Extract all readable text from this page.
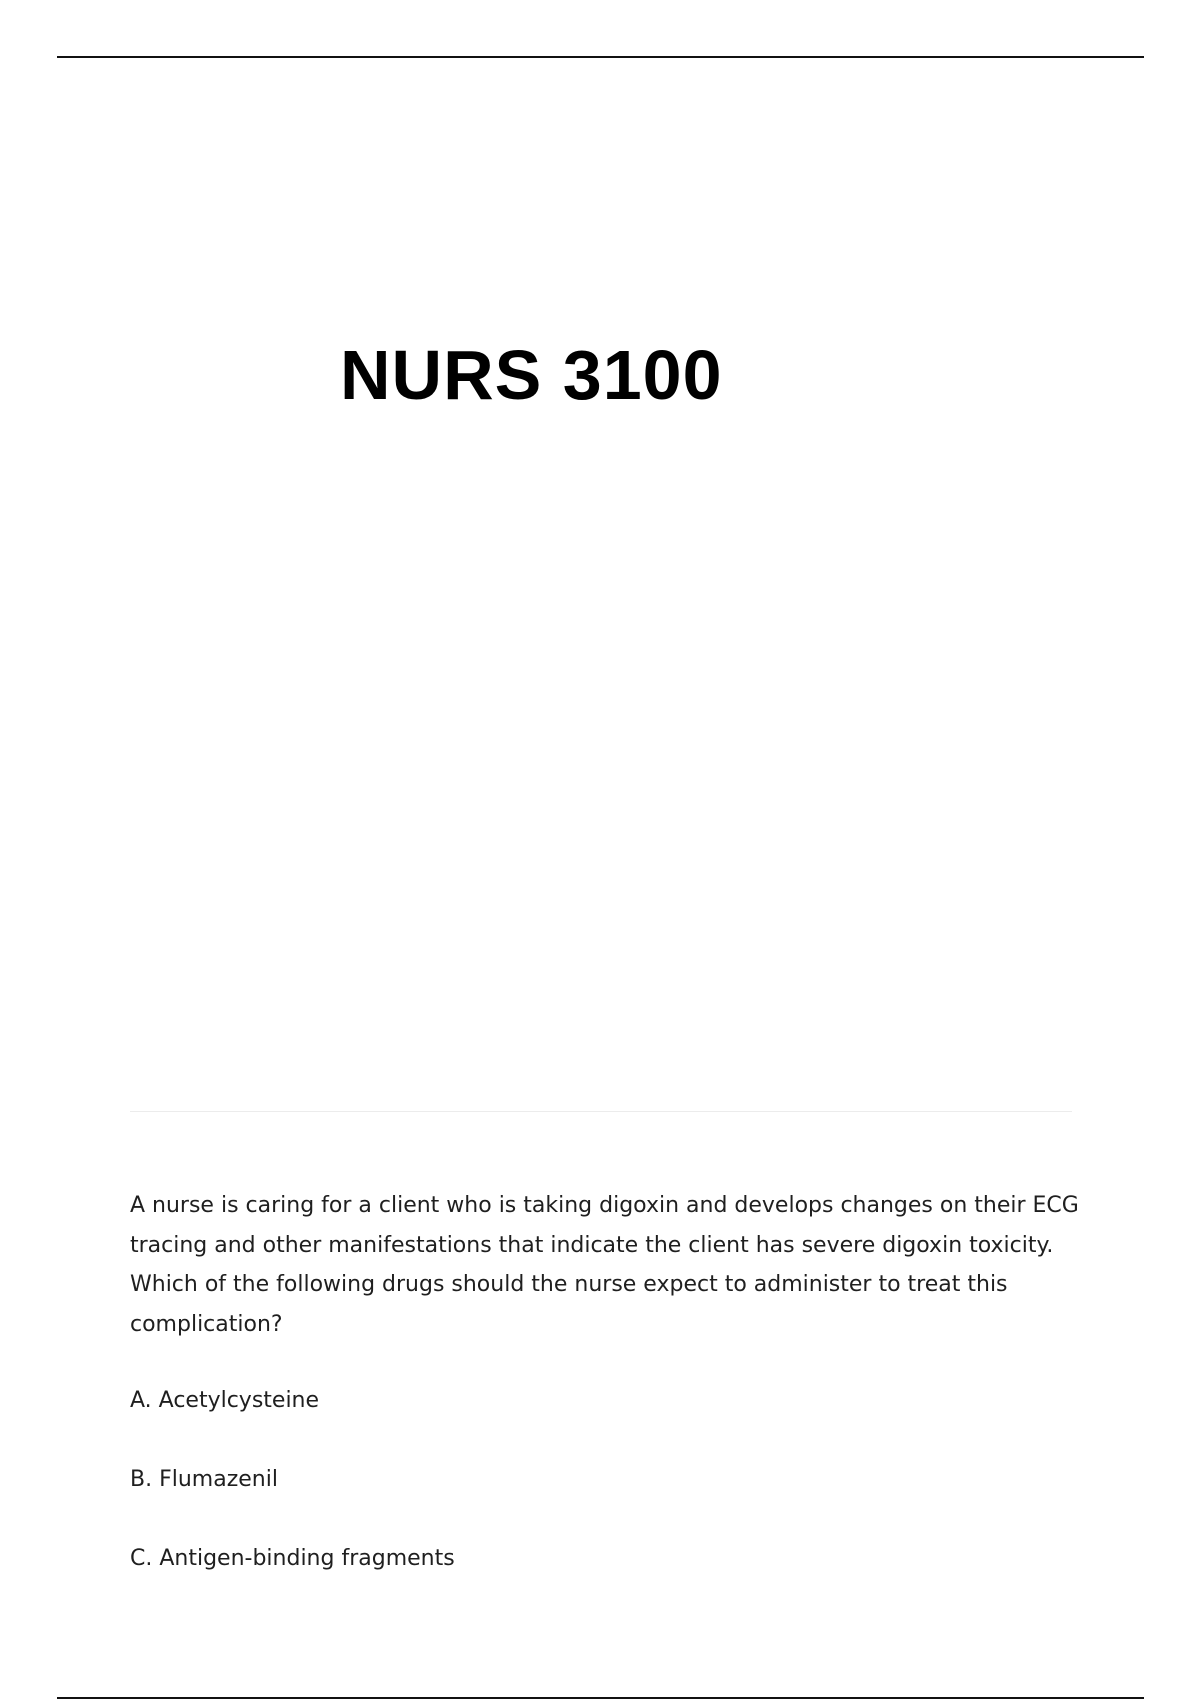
NURS 3100

A nurse is caring for a client who is taking digoxin and develops changes on their ECG tracing and other manifestations that indicate the client has severe digoxin toxicity. Which of the following drugs should the nurse expect to administer to treat this complication?

A. Acetylcysteine
B. Flumazenil
C. Antigen-binding fragments
